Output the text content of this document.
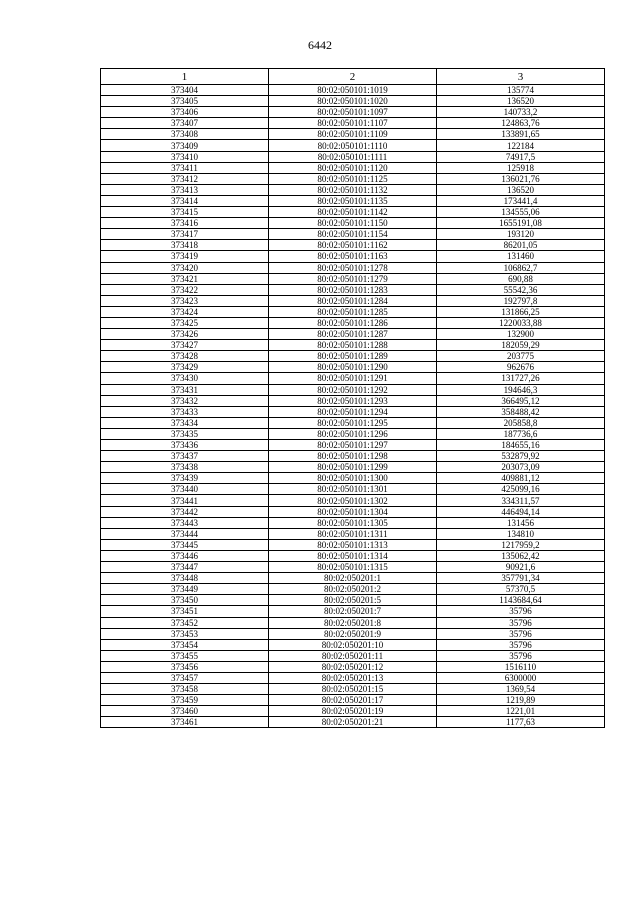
6442
1	2	3
373404	80:02:050101:1019	135774
373405	80:02:050101:1020	136520
373406	80:02:050101:1097	140733,2
373407	80:02:050101:1107	124863,76
373408	80:02:050101:1109	133891,65
373409	80:02:050101:1110	122184
373410	80:02:050101:1111	74917,5
373411	80:02:050101:1120	125918
373412	80:02:050101:1125	136021,76
373413	80:02:050101:1132	136520
373414	80:02:050101:1135	173441,4
373415	80:02:050101:1142	134555,06
373416	80:02:050101:1150	1655191,08
373417	80:02:050101:1154	193120
373418	80:02:050101:1162	86201,05
373419	80:02:050101:1163	131460
373420	80:02:050101:1278	106862,7
373421	80:02:050101:1279	690,88
373422	80:02:050101:1283	55542,36
373423	80:02:050101:1284	192797,8
373424	80:02:050101:1285	131866,25
373425	80:02:050101:1286	1220033,88
373426	80:02:050101:1287	132900
373427	80:02:050101:1288	182059,29
373428	80:02:050101:1289	203775
373429	80:02:050101:1290	962676
373430	80:02:050101:1291	131727,26
373431	80:02:050101:1292	194646,3
373432	80:02:050101:1293	366495,12
373433	80:02:050101:1294	358488,42
373434	80:02:050101:1295	205858,8
373435	80:02:050101:1296	187736,6
373436	80:02:050101:1297	184655,16
373437	80:02:050101:1298	532879,92
373438	80:02:050101:1299	203073,09
373439	80:02:050101:1300	409881,12
373440	80:02:050101:1301	425099,16
373441	80:02:050101:1302	334311,57
373442	80:02:050101:1304	446494,14
373443	80:02:050101:1305	131456
373444	80:02:050101:1311	134810
373445	80:02:050101:1313	1217959,2
373446	80:02:050101:1314	135062,42
373447	80:02:050101:1315	90921,6
373448	80:02:050201:1	357791,34
373449	80:02:050201:2	57370,5
373450	80:02:050201:5	1143684,64
373451	80:02:050201:7	35796
373452	80:02:050201:8	35796
373453	80:02:050201:9	35796
373454	80:02:050201:10	35796
373455	80:02:050201:11	35796
373456	80:02:050201:12	1516110
373457	80:02:050201:13	6300000
373458	80:02:050201:15	1369,54
373459	80:02:050201:17	1219,89
373460	80:02:050201:19	1221,01
373461	80:02:050201:21	1177,63
